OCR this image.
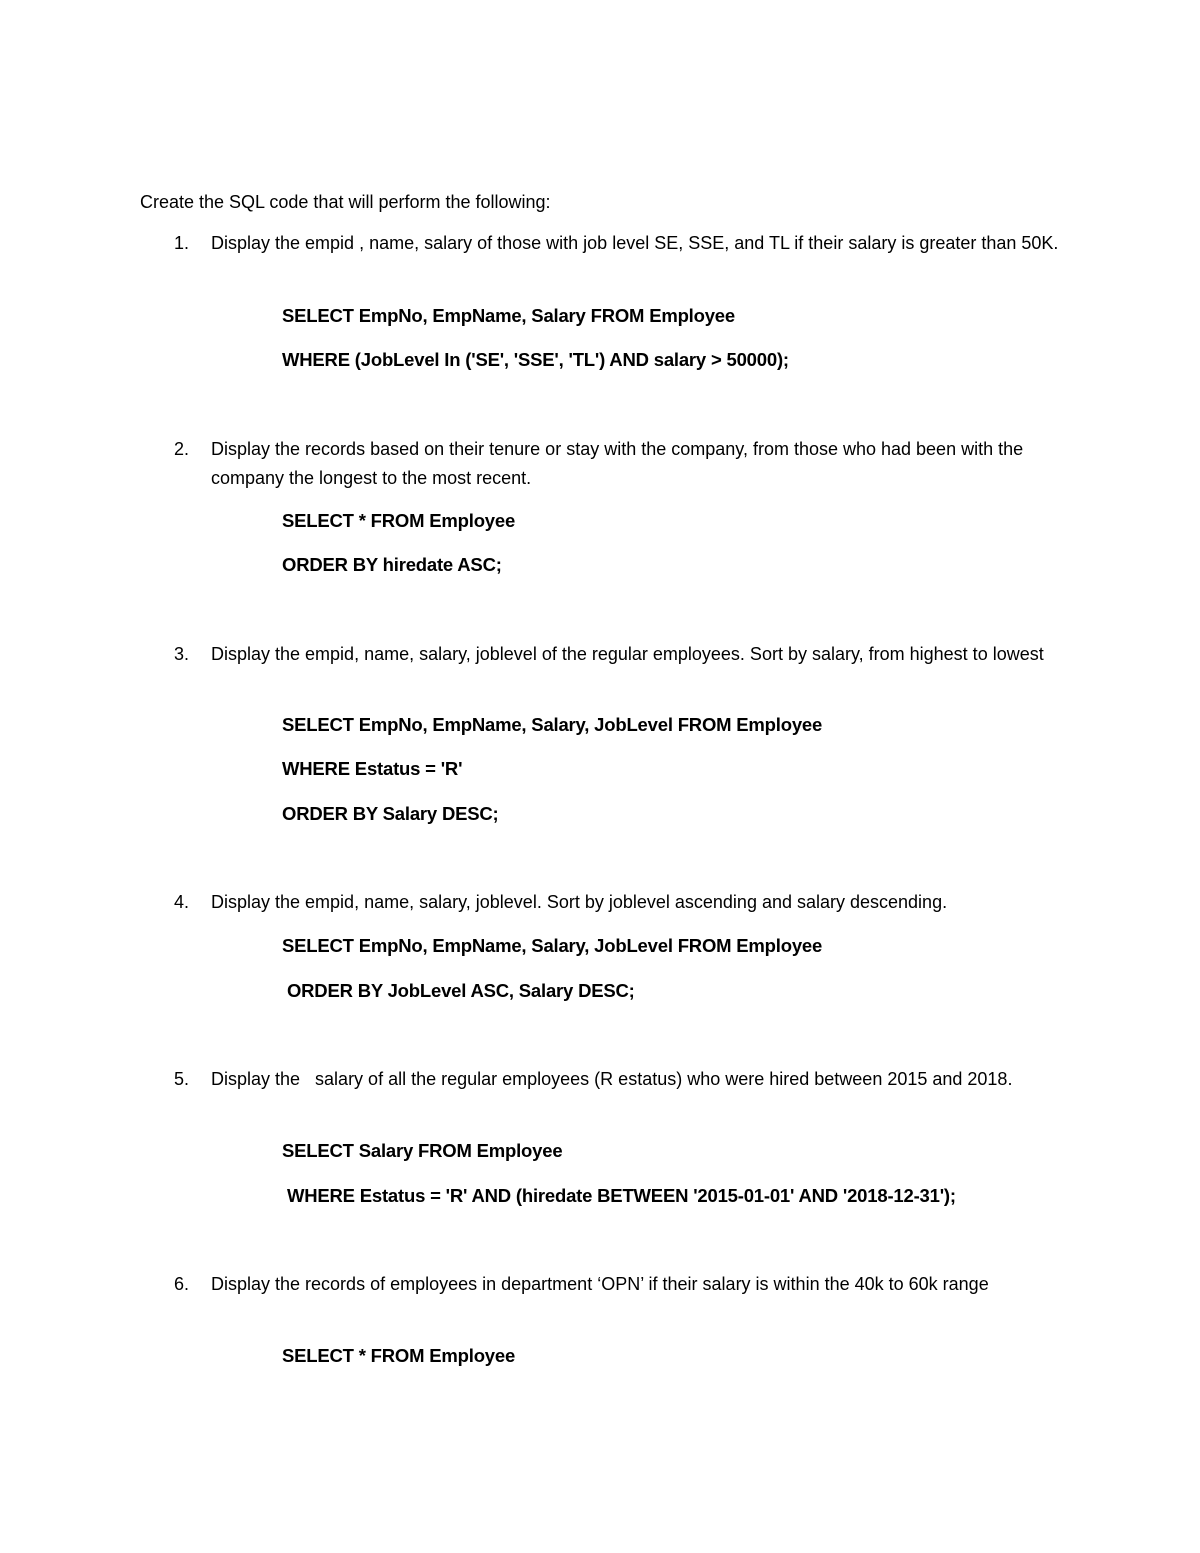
Create the SQL code that will perform the following:
1. Display the empid , name, salary of those with job level SE, SSE, and TL if their salary is greater than 50K.
SELECT EmpNo, EmpName, Salary FROM Employee
WHERE (JobLevel In ('SE', 'SSE', 'TL') AND salary > 50000);
2. Display the records based on their tenure or stay with the company, from those who had been with the company the longest to the most recent.
SELECT * FROM Employee
ORDER BY hiredate ASC;
3. Display the empid, name, salary, joblevel of the regular employees. Sort by salary, from highest to lowest
SELECT EmpNo, EmpName, Salary, JobLevel FROM Employee
WHERE Estatus = 'R'
ORDER BY Salary DESC;
4. Display the empid, name, salary, joblevel. Sort by joblevel ascending and salary descending.
SELECT EmpNo, EmpName, Salary, JobLevel FROM Employee
ORDER BY JobLevel ASC, Salary DESC;
5. Display the   salary of all the regular employees (R estatus) who were hired between 2015 and 2018.
SELECT Salary FROM Employee
WHERE Estatus = 'R' AND (hiredate BETWEEN '2015-01-01' AND '2018-12-31');
6. Display the records of employees in department ‘OPN’ if their salary is within the 40k to 60k range
SELECT * FROM Employee
